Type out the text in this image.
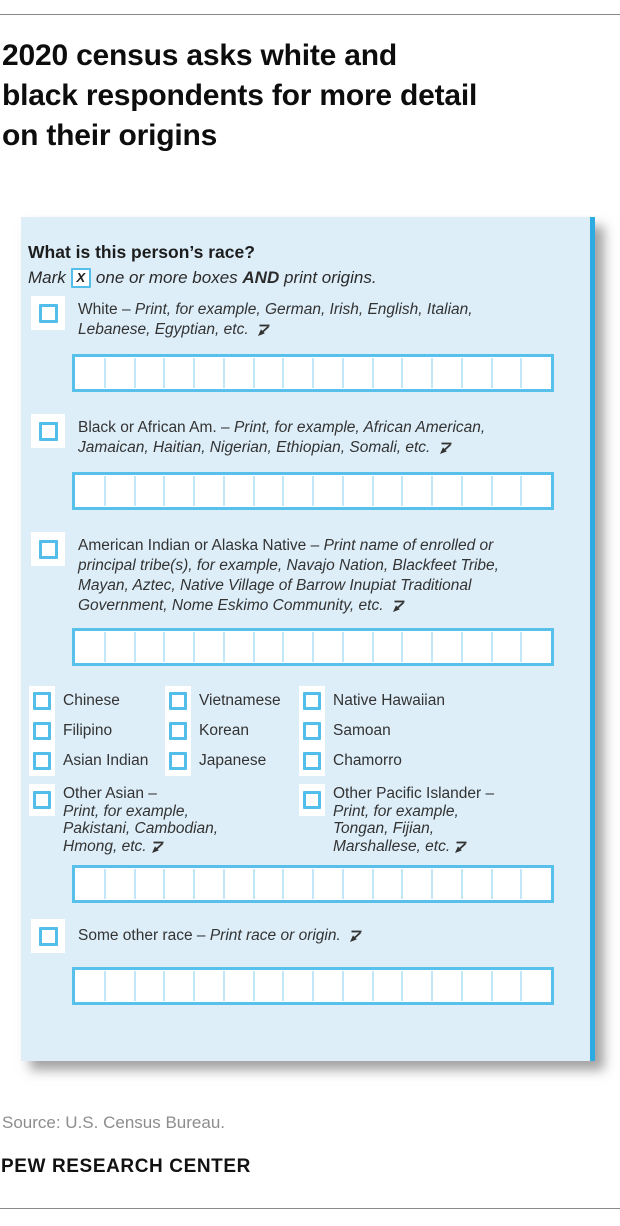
2020 census asks white and
black respondents for more detail
on their origins
What is this person’s race?
Mark X one or more boxes AND print origins.
White – Print, for example, German, Irish, English, Italian, Lebanese, Egyptian, etc.
Black or African Am. – Print, for example, African American, Jamaican, Haitian, Nigerian, Ethiopian, Somali, etc.
American Indian or Alaska Native – Print name of enrolled or principal tribe(s), for example, Navajo Nation, Blackfeet Tribe, Mayan, Aztec, Native Village of Barrow Inupiat Traditional Government, Nome Eskimo Community, etc.
Chinese
Filipino
Asian Indian
Other Asian –
Print, for example,
Pakistani, Cambodian,
Hmong, etc.
Vietnamese
Korean
Japanese
Native Hawaiian
Samoan
Chamorro
Other Pacific Islander –
Print, for example,
Tongan, Fijian,
Marshallese, etc.
Some other race – Print race or origin.
Source: U.S. Census Bureau.
PEW RESEARCH CENTER
